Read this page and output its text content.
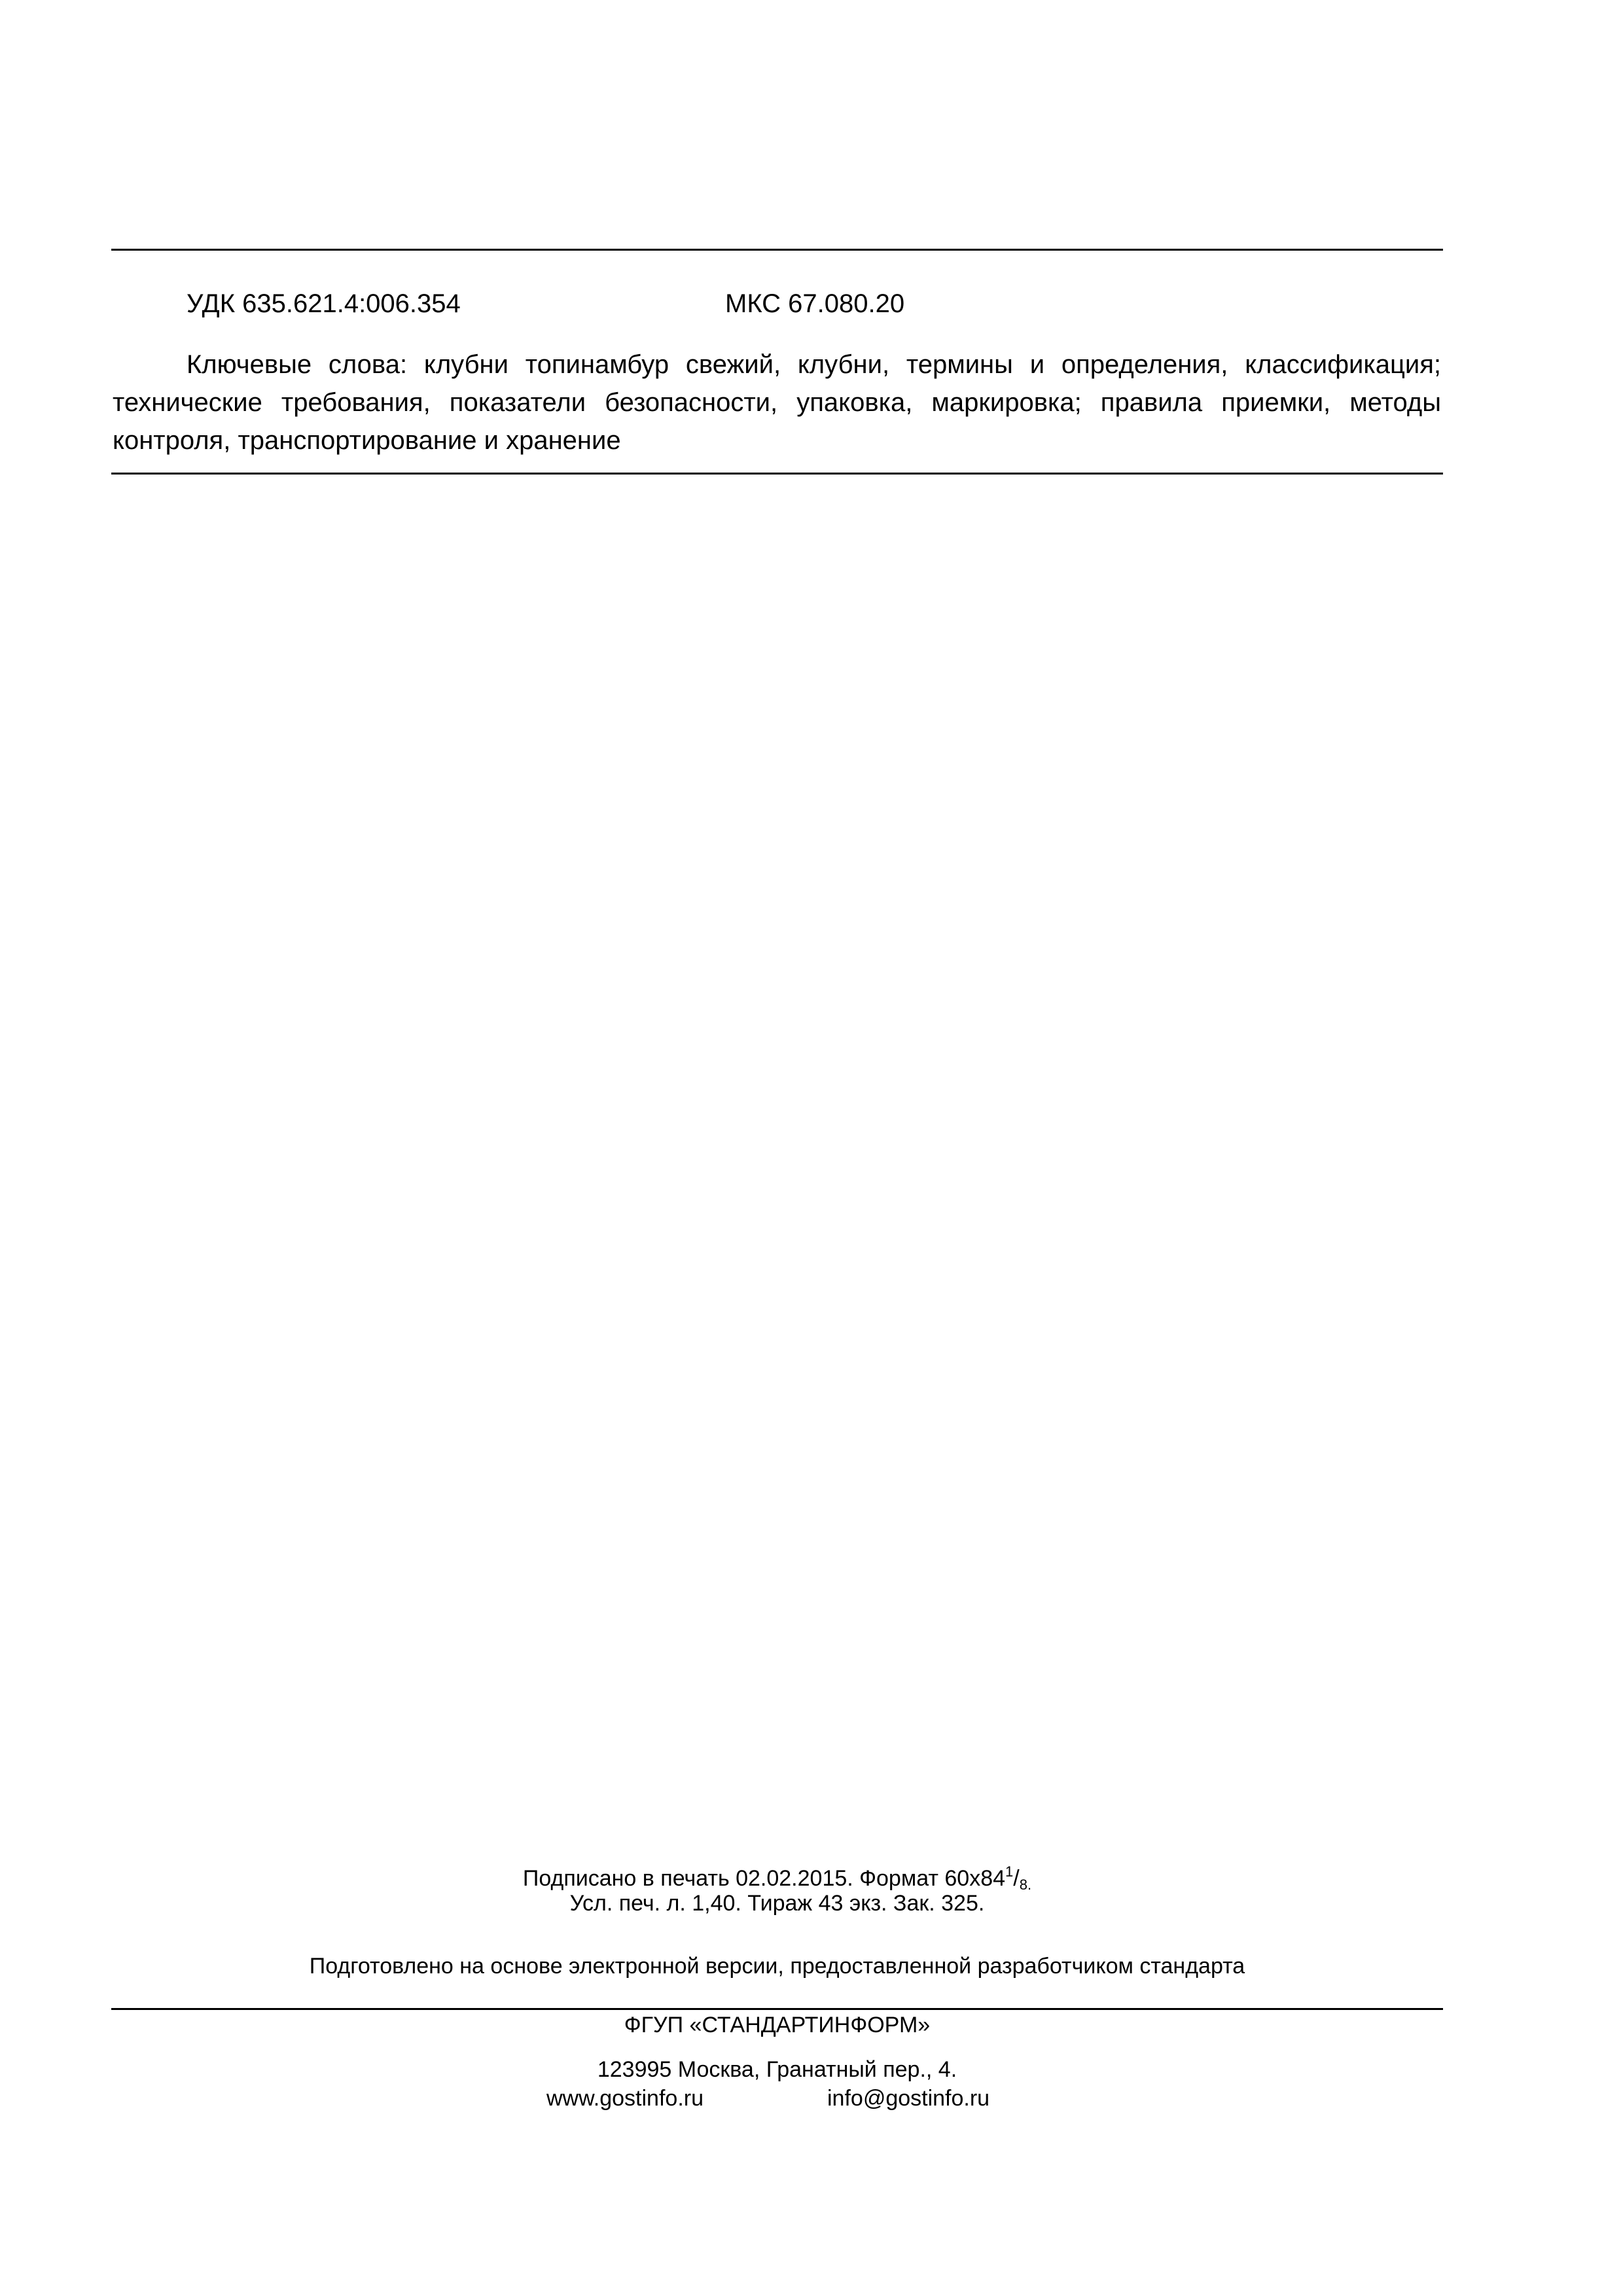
УДК 635.621.4:006.354	МКС 67.080.20
Ключевые слова: клубни топинамбур свежий, клубни, термины и определения, классификация; технические требования, показатели безопасности, упаковка, маркировка; правила приемки, методы контроля, транспортирование и хранение
Подписано в печать 02.02.2015. Формат $60х84^1/8$.
Усл. печ. л. 1,40. Тираж 43 экз. Зак. 325.
Подготовлено на основе электронной версии, предоставленной разработчиком стандарта
ФГУП «СТАНДАРТИНФОРМ»
123995 Москва, Гранатный пер., 4.
www.gostinfo.ru	info@gostinfo.ru
